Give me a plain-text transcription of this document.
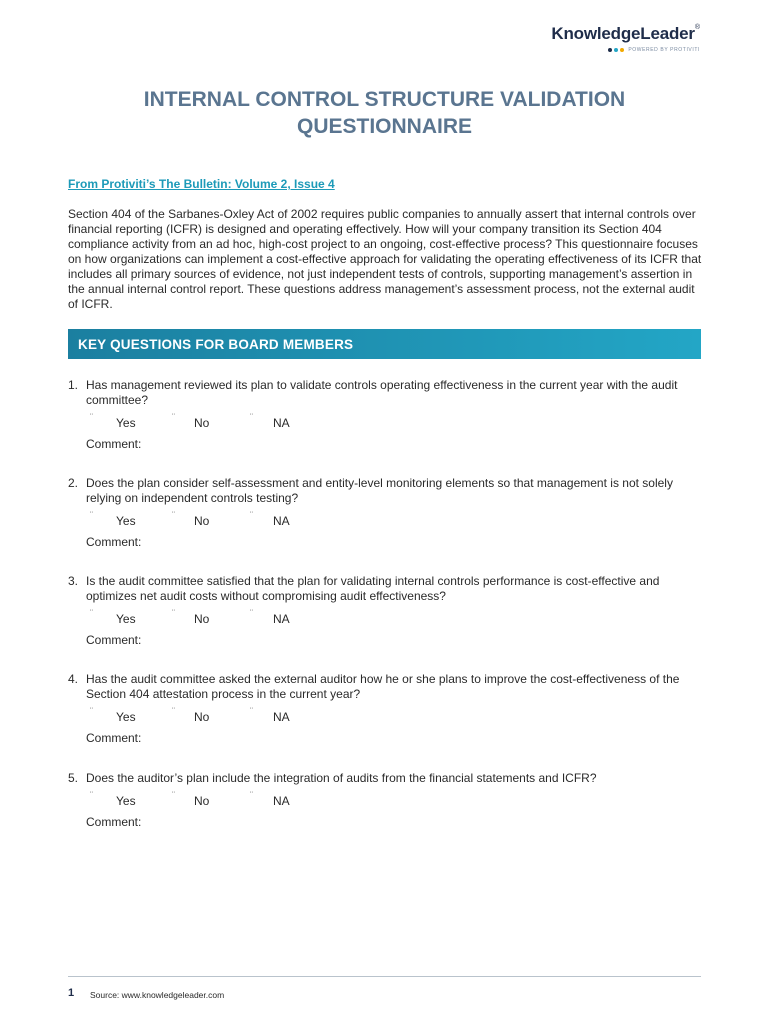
KnowledgeLeader®
POWERED BY PROTIVITI
INTERNAL CONTROL STRUCTURE VALIDATION
QUESTIONNAIRE
From Protiviti’s The Bulletin: Volume 2, Issue 4

Section 404 of the Sarbanes-Oxley Act of 2002 requires public companies to annually assert that internal controls over financial reporting (ICFR) is designed and operating effectively. How will your company transition its Section 404 compliance activity from an ad hoc, high-cost project to an ongoing, cost-effective process? This questionnaire focuses on how organizations can implement a cost-effective approach for validating the operating effectiveness of its ICFR that includes all primary sources of evidence, not just independent tests of controls, supporting management’s assertion in the annual internal control report. These questions address management’s assessment process, not the external audit of ICFR.

KEY QUESTIONS FOR BOARD MEMBERS
1. Has management reviewed its plan to validate controls operating effectiveness in the current year with the audit committee?
¨ Yes	¨ No	¨ NA
Comment:
2. Does the plan consider self-assessment and entity-level monitoring elements so that management is not solely relying on independent controls testing?
¨ Yes	¨ No	¨ NA
Comment:
3. Is the audit committee satisfied that the plan for validating internal controls performance is cost-effective and optimizes net audit costs without compromising audit effectiveness?
¨ Yes	¨ No	¨ NA
Comment:
4. Has the audit committee asked the external auditor how he or she plans to improve the cost-effectiveness of the Section 404 attestation process in the current year?
¨ Yes	¨ No	¨ NA
Comment:
5. Does the auditor’s plan include the integration of audits from the financial statements and ICFR?
¨ Yes	¨ No	¨ NA
Comment:
1 Source: www.knowledgeleader.com
